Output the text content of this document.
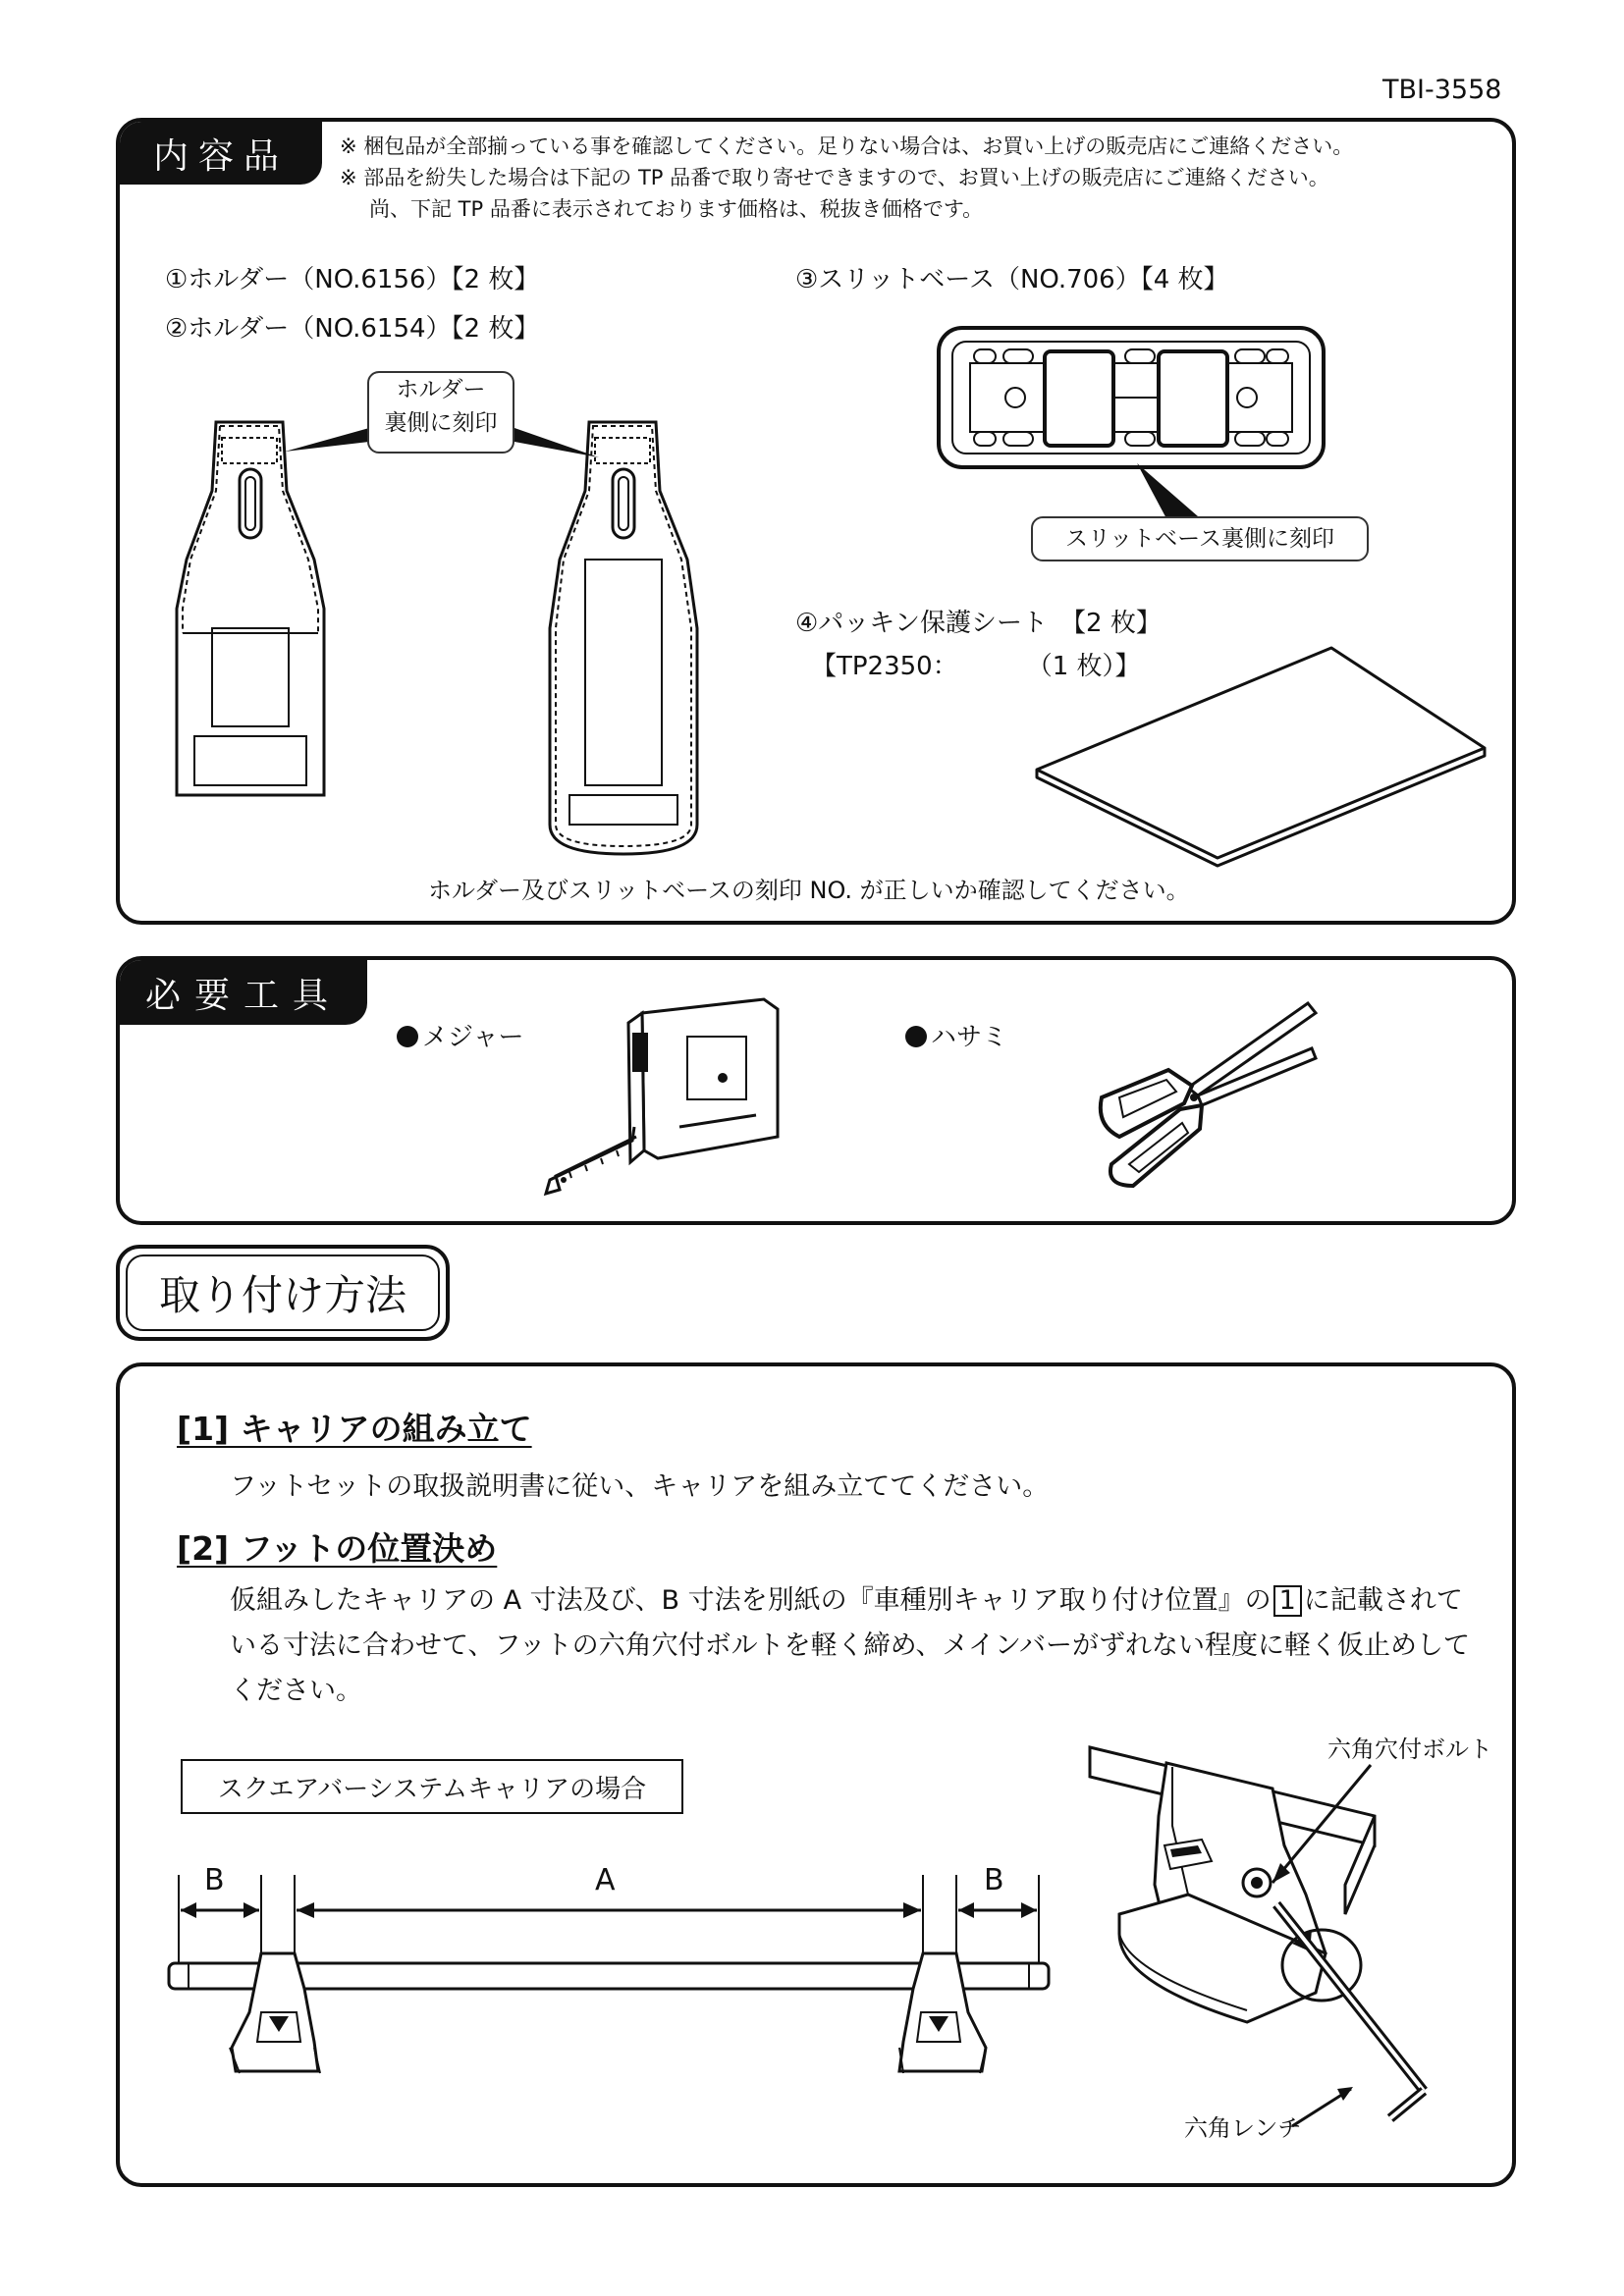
TBI-3558
内容品	※ 梱包品が全部揃っている事を確認してください。足りない場合は、お買い上げの販売店にご連絡ください。
※ 部品を紛失した場合は下記の TP 品番で取り寄せできますので、お買い上げの販売店にご連絡ください。
尚、下記 TP 品番に表示されております価格は、税抜き価格です。
①ホルダー（NO.6156）【2 枚】
②ホルダー（NO.6154）【2 枚】
③スリットベース（NO.706）【4 枚】
④パッキン保護シート　【2 枚】
【TP2350：	（1 枚）】
ホルダー
裏側に刻印
スリットベース裏側に刻印
ホルダー及びスリットベースの刻印 NO. が正しいか確認してください。
必要工具
メジャー	ハサミ
取り付け方法
[1] キャリアの組み立て
フットセットの取扱説明書に従い、キャリアを組み立ててください。
[2] フットの位置決め
仮組みしたキャリアの A 寸法及び、B 寸法を別紙の『車種別キャリア取り付け位置』の 1 に記載されている寸法に合わせて、フットの六角穴付ボルトを軽く締め、メインバーがずれない程度に軽く仮止めしてください。
スクエアバーシステムキャリアの場合
B	A	B
六角穴付ボルト
六角レンチ
